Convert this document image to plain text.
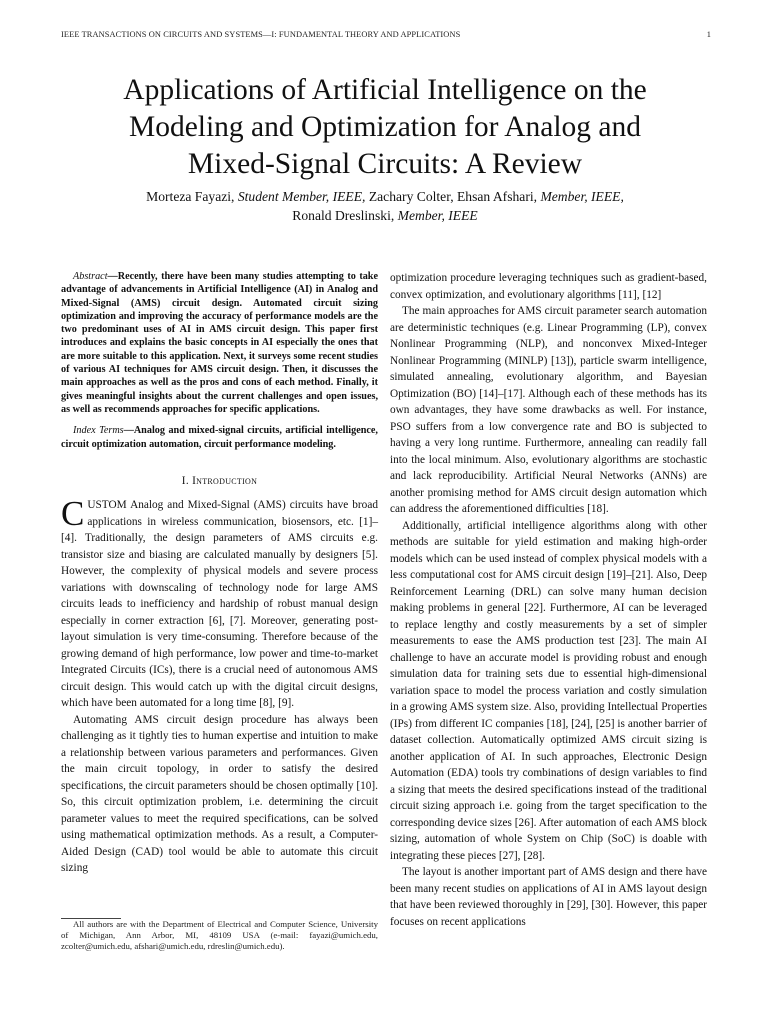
IEEE TRANSACTIONS ON CIRCUITS AND SYSTEMS—I: FUNDAMENTAL THEORY AND APPLICATIONS	1
Applications of Artificial Intelligence on the
Modeling and Optimization for Analog and
Mixed-Signal Circuits: A Review
Morteza Fayazi, Student Member, IEEE, Zachary Colter, Ehsan Afshari, Member, IEEE,
Ronald Dreslinski, Member, IEEE

Abstract—Recently, there have been many studies attempting to take advantage of advancements in Artificial Intelligence (AI) in Analog and Mixed-Signal (AMS) circuit design. Automated circuit sizing optimization and improving the accuracy of performance models are the two predominant uses of AI in AMS circuit design. This paper first introduces and explains the basic concepts in AI especially the ones that are more suitable to this application. Next, it surveys some recent studies of various AI techniques for AMS circuit design. Then, it discusses the main approaches as well as the pros and cons of each method. Finally, it gives meaningful insights about the current challenges and open issues, as well as recommends approaches for specific applications.

Index Terms—Analog and mixed-signal circuits, artificial intelligence, circuit optimization automation, circuit performance modeling.

I. Introduction

CUSTOM Analog and Mixed-Signal (AMS) circuits have broad applications in wireless communication, biosensors, etc. [1]–[4]. Traditionally, the design parameters of AMS circuits e.g. transistor size and biasing are calculated manually by designers [5]. However, the complexity of physical models and severe process variations with downscaling of technology node for large AMS circuits leads to inefficiency and hardship of robust manual design especially in corner extraction [6], [7]. Moreover, generating post-layout simulation is very time-consuming. Therefore because of the growing demand of high performance, low power and time-to-market Integrated Circuits (ICs), there is a crucial need of autonomous AMS circuit design. This would catch up with the digital circuit designs, which have been automated for a long time [8], [9].

Automating AMS circuit design procedure has always been challenging as it tightly ties to human expertise and intuition to make a relationship between various parameters and performances. Given the main circuit topology, in order to satisfy the desired specifications, the circuit parameters should be chosen optimally [10]. So, this circuit optimization problem, i.e. determining the circuit parameter values to meet the required specifications, can be solved using mathematical optimization methods. As a result, a Computer-Aided Design (CAD) tool would be able to automate this circuit sizing

All authors are with the Department of Electrical and Computer Science, University of Michigan, Ann Arbor, MI, 48109 USA (e-mail: fayazi@umich.edu, zcolter@umich.edu, afshari@umich.edu, rdreslin@umich.edu).

optimization procedure leveraging techniques such as gradient-based, convex optimization, and evolutionary algorithms [11], [12]

The main approaches for AMS circuit parameter search automation are deterministic techniques (e.g. Linear Programming (LP), convex Nonlinear Programming (NLP), and nonconvex Mixed-Integer Nonlinear Programming (MINLP) [13]), particle swarm intelligence, simulated annealing, evolutionary algorithm, and Bayesian Optimization (BO) [14]–[17]. Although each of these methods has its own advantages, they have some drawbacks as well. For instance, PSO suffers from a low convergence rate and BO is subjected to having a very long runtime. Furthermore, annealing can readily fall into the local minimum. Also, evolutionary algorithms are stochastic and lack reproducibility. Artificial Neural Networks (ANNs) are another promising method for AMS circuit design automation which can address the aforementioned difficulties [18].

Additionally, artificial intelligence algorithms along with other methods are suitable for yield estimation and making high-order models which can be used instead of complex physical models with a less computational cost for AMS circuit design [19]–[21]. Also, Deep Reinforcement Learning (DRL) can solve many human decision making problems in general [22]. Furthermore, AI can be leveraged to replace lengthy and costly measurements by a set of simpler measurements to ease the AMS production test [23]. The main AI challenge to have an accurate model is providing robust and enough simulation data for training sets due to essential high-dimensional variation space to model the process variation and costly simulation in a growing AMS system size. Also, providing Intellectual Properties (IPs) from different IC companies [18], [24], [25] is another barrier of dataset collection. Automatically optimized AMS circuit sizing is another application of AI. In such approaches, Electronic Design Automation (EDA) tools try combinations of design variables to find a sizing that meets the desired specifications instead of the traditional circuit sizing approach i.e. going from the target specification to the corresponding device sizes [26]. After automation of each AMS block sizing, automation of whole System on Chip (SoC) is doable with integrating these pieces [27], [28].

The layout is another important part of AMS design and there have been many recent studies on applications of AI in AMS layout design that have been reviewed thoroughly in [29], [30]. However, this paper focuses on recent applications
